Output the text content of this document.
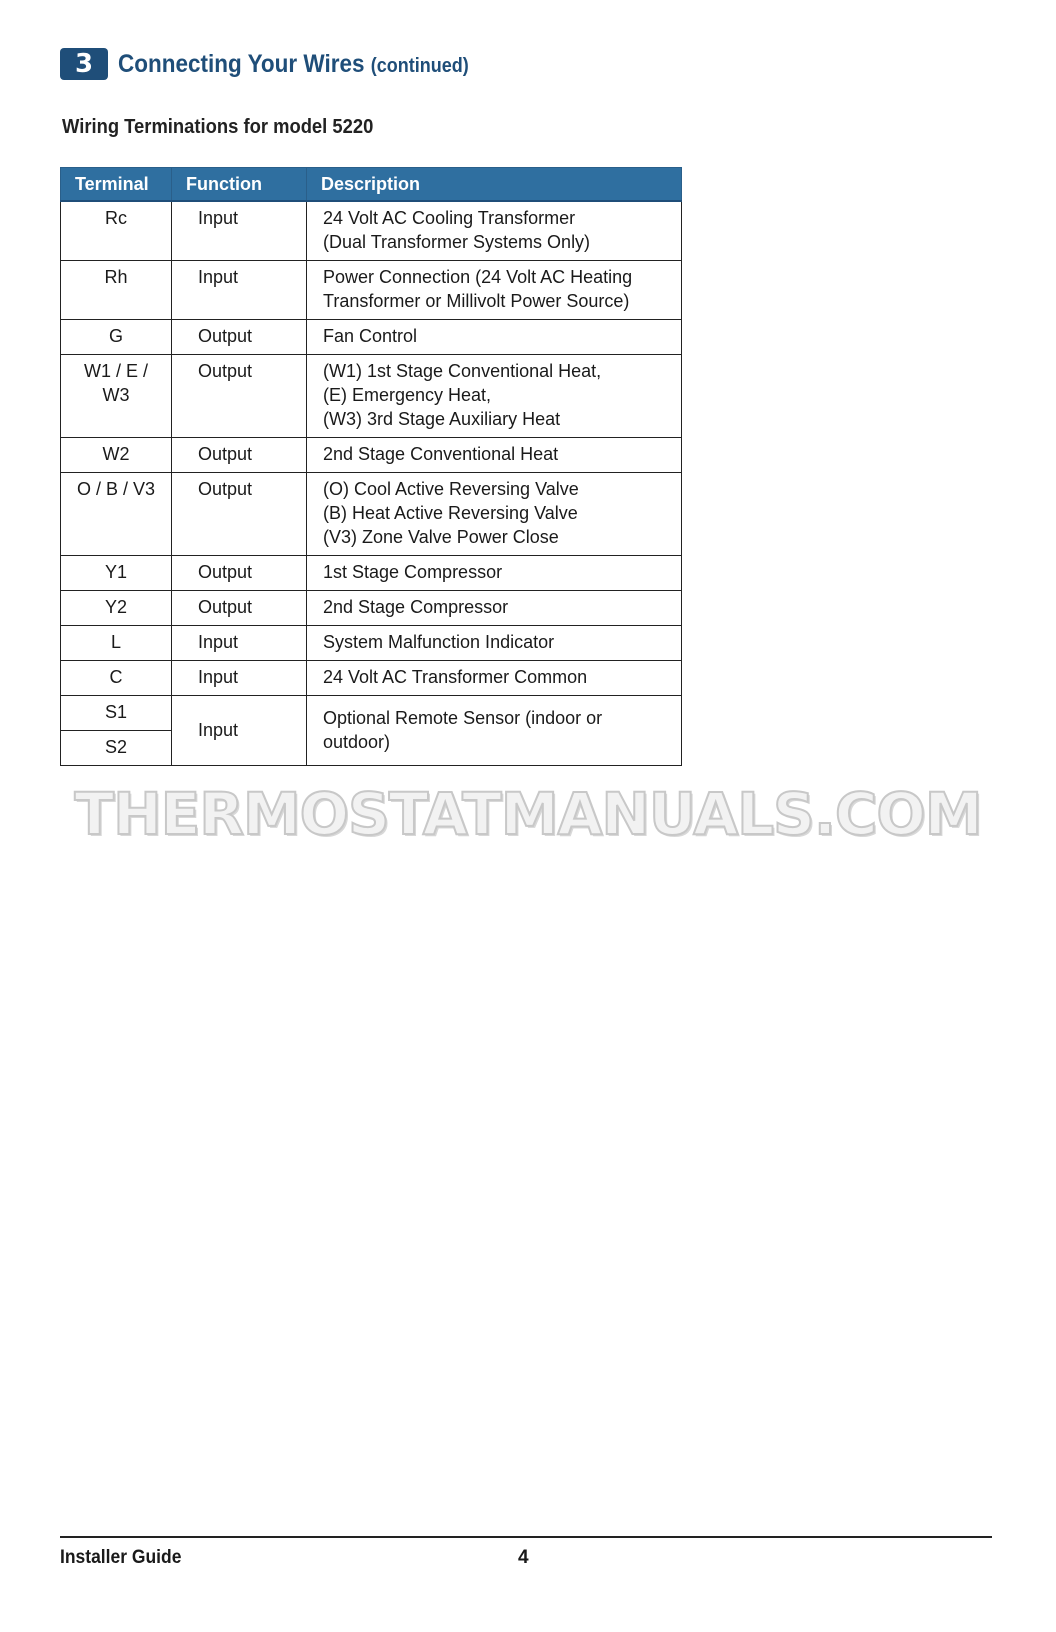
3 Connecting Your Wires (continued)
Wiring Terminations for model 5220
Terminal	Function	Description
Rc	Input	24 Volt AC Cooling Transformer
(Dual Transformer Systems Only)

Rh	Input	Power Connection (24 Volt AC Heating
Transformer or Millivolt Power Source)

G	Output	Fan Control

W1 / E / W3	Output	(W1) 1st Stage Conventional Heat,
(E) Emergency Heat,
(W3) 3rd Stage Auxiliary Heat

W2	Output	2nd Stage Conventional Heat

O / B / V3	Output	(O) Cool Active Reversing Valve
(B) Heat Active Reversing Valve
(V3) Zone Valve Power Close

Y1	Output	1st Stage Compressor

Y2	Output	2nd Stage Compressor

L	Input	System Malfunction Indicator

C	Input	24 Volt AC Transformer Common

S1	Input	Optional Remote Sensor (indoor or outdoor)
S2		
THERMOSTATMANUALS.COM
Installer Guide	4
